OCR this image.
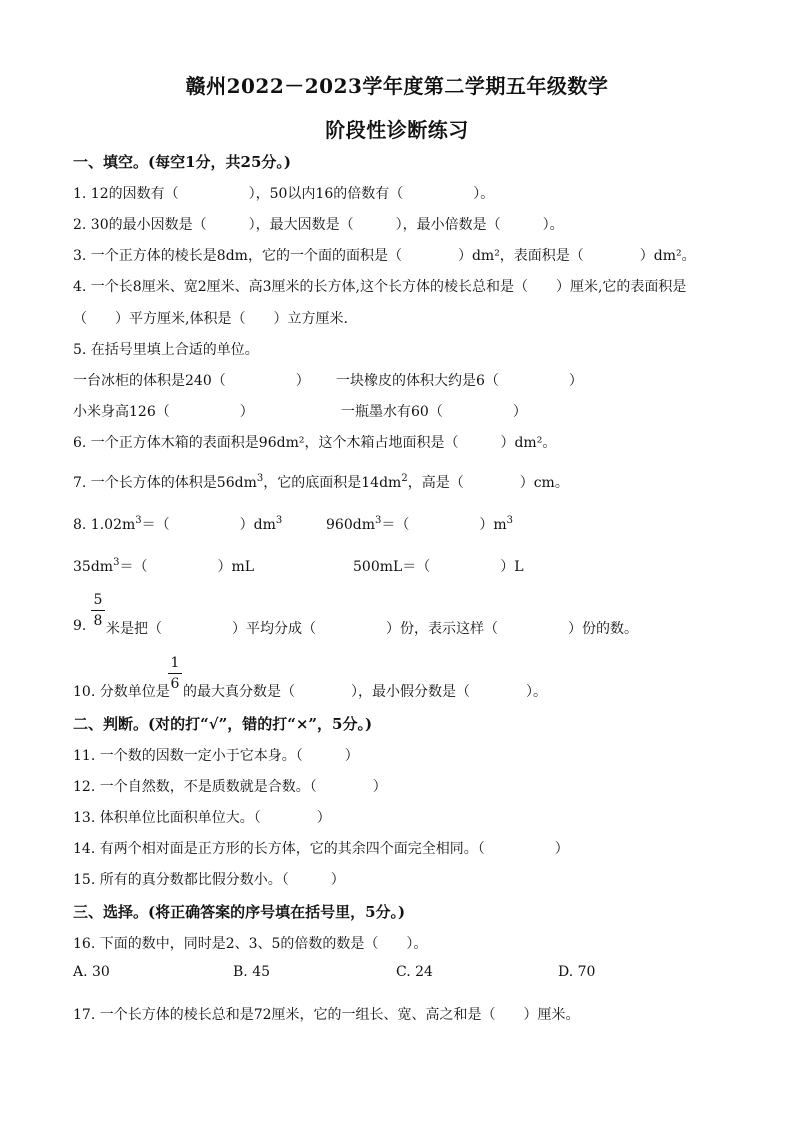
赣州2022－2023学年度第二学期五年级数学
阶段性诊断练习
一、填空。(每空1分，共25分。)
1. 12的因数有（　　　　　），50以内16的倍数有（　　　　　）。
2. 30的最小因数是（　　　），最大因数是（　　　），最小倍数是（　　　）。
3. 一个正方体的棱长是8dm，它的一个面的面积是（　　　　）dm²，表面积是（　　　　）dm²。
4. 一个长8厘米、宽2厘米、高3厘米的长方体,这个长方体的棱长总和是（　　）厘米,它的表面积是
（　　）平方厘米,体积是（　　）立方厘米.
5. 在括号里填上合适的单位。
一台冰柜的体积是240（　　　　　） 一块橡皮的体积大约是6（　　　　　）
小米身高126（　　　　　）	一瓶墨水有60（　　　　　）
6. 一个正方体木箱的表面积是96dm²，这个木箱占地面积是（　　　）dm²。
7. 一个长方体的体积是$56dm^3$，它的底面积是$14dm^2$，高是（　　　　）cm。
8. $1.02m^3=$（　　　　　）$dm^3$	$960dm^3=$（　　　　　）$m^3$
$35dm^3=$（　　　　　）mL	500mL＝（　　　　　）L
5
8
9. 米是把（　　　　　）平均分成（　　　　　）份，表示这样（　　　　　）份的数。
10. 分数单位是
1
6 的最大真分数是（　　　　），最小假分数是（　　　　）。
二、判断。(对的打“√”，错的打“×”，5分。)
11. 一个数的因数一定小于它本身。（　　　）
12. 一个自然数，不是质数就是合数。（　　　　）
13. 体积单位比面积单位大。（　　　　）
14. 有两个相对面是正方形的长方体，它的其余四个面完全相同。（　　　　　）
15. 所有的真分数都比假分数小。（　　　）
三、选择。(将正确答案的序号填在括号里，5分。)
16. 下面的数中，同时是2、3、5的倍数的数是（　　）。
A. 30	B. 45	C. 24	D. 70
17. 一个长方体的棱长总和是72厘米，它的一组长、宽、高之和是（　　）厘米。
